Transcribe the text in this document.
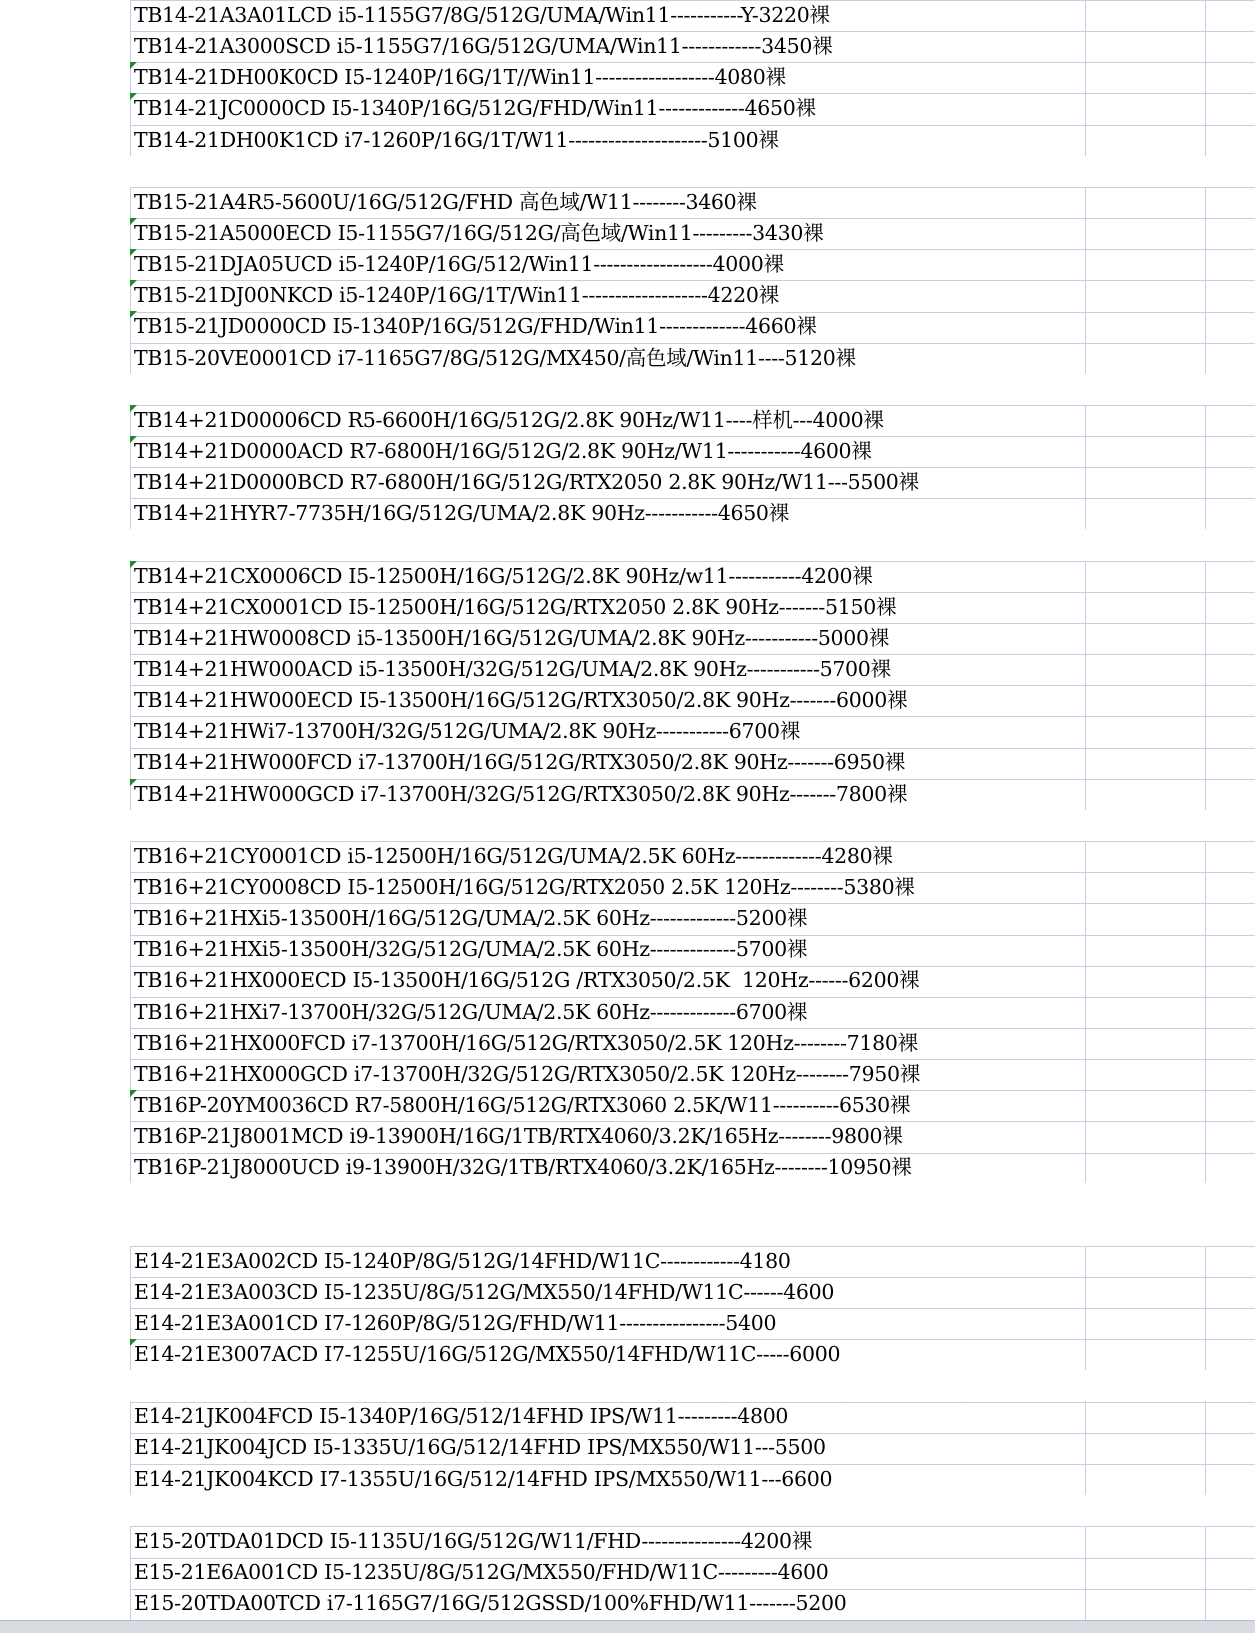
TB14-21A3A01LCD i5-1155G7/8G/512G/UMA/Win11-----------Y-3220裸
TB14-21A3000SCD i5-1155G7/16G/512G/UMA/Win11------------3450裸
TB14-21DH00K0CD I5-1240P/16G/1T//Win11------------------4080裸
TB14-21JC0000CD I5-1340P/16G/512G/FHD/Win11-------------4650裸
TB14-21DH00K1CD i7-1260P/16G/1T/W11---------------------5100裸
TB15-21A4R5-5600U/16G/512G/FHD 高色域/W11--------3460裸
TB15-21A5000ECD I5-1155G7/16G/512G/高色域/Win11---------3430裸
TB15-21DJA05UCD i5-1240P/16G/512/Win11------------------4000裸
TB15-21DJ00NKCD i5-1240P/16G/1T/Win11-------------------4220裸
TB15-21JD0000CD I5-1340P/16G/512G/FHD/Win11-------------4660裸
TB15-20VE0001CD i7-1165G7/8G/512G/MX450/高色域/Win11----5120裸
TB14+21D00006CD R5-6600H/16G/512G/2.8K 90Hz/W11----样机---4000裸
TB14+21D0000ACD R7-6800H/16G/512G/2.8K 90Hz/W11-----------4600裸
TB14+21D0000BCD R7-6800H/16G/512G/RTX2050 2.8K 90Hz/W11---5500裸
TB14+21HYR7-7735H/16G/512G/UMA/2.8K 90Hz-----------4650裸
TB14+21CX0006CD I5-12500H/16G/512G/2.8K 90Hz/w11-----------4200裸
TB14+21CX0001CD I5-12500H/16G/512G/RTX2050 2.8K 90Hz-------5150裸
TB14+21HW0008CD i5-13500H/16G/512G/UMA/2.8K 90Hz-----------5000裸
TB14+21HW000ACD i5-13500H/32G/512G/UMA/2.8K 90Hz-----------5700裸
TB14+21HW000ECD I5-13500H/16G/512G/RTX3050/2.8K 90Hz-------6000裸
TB14+21HWi7-13700H/32G/512G/UMA/2.8K 90Hz-----------6700裸
TB14+21HW000FCD i7-13700H/16G/512G/RTX3050/2.8K 90Hz-------6950裸
TB14+21HW000GCD i7-13700H/32G/512G/RTX3050/2.8K 90Hz-------7800裸
TB16+21CY0001CD i5-12500H/16G/512G/UMA/2.5K 60Hz-------------4280裸
TB16+21CY0008CD I5-12500H/16G/512G/RTX2050 2.5K 120Hz--------5380裸
TB16+21HXi5-13500H/16G/512G/UMA/2.5K 60Hz-------------5200裸
TB16+21HXi5-13500H/32G/512G/UMA/2.5K 60Hz-------------5700裸
TB16+21HX000ECD I5-13500H/16G/512G /RTX3050/2.5K  120Hz------6200裸
TB16+21HXi7-13700H/32G/512G/UMA/2.5K 60Hz-------------6700裸
TB16+21HX000FCD i7-13700H/16G/512G/RTX3050/2.5K 120Hz--------7180裸
TB16+21HX000GCD i7-13700H/32G/512G/RTX3050/2.5K 120Hz--------7950裸
TB16P-20YM0036CD R7-5800H/16G/512G/RTX3060 2.5K/W11----------6530裸
TB16P-21J8001MCD i9-13900H/16G/1TB/RTX4060/3.2K/165Hz--------9800裸
TB16P-21J8000UCD i9-13900H/32G/1TB/RTX4060/3.2K/165Hz--------10950裸
E14-21E3A002CD I5-1240P/8G/512G/14FHD/W11C------------4180
E14-21E3A003CD I5-1235U/8G/512G/MX550/14FHD/W11C------4600
E14-21E3A001CD I7-1260P/8G/512G/FHD/W11----------------5400
E14-21E3007ACD I7-1255U/16G/512G/MX550/14FHD/W11C-----6000
E14-21JK004FCD I5-1340P/16G/512/14FHD IPS/W11---------4800
E14-21JK004JCD I5-1335U/16G/512/14FHD IPS/MX550/W11---5500
E14-21JK004KCD I7-1355U/16G/512/14FHD IPS/MX550/W11---6600
E15-20TDA01DCD I5-1135U/16G/512G/W11/FHD---------------4200裸
E15-21E6A001CD I5-1235U/8G/512G/MX550/FHD/W11C---------4600
E15-20TDA00TCD i7-1165G7/16G/512GSSD/100%FHD/W11-------5200
